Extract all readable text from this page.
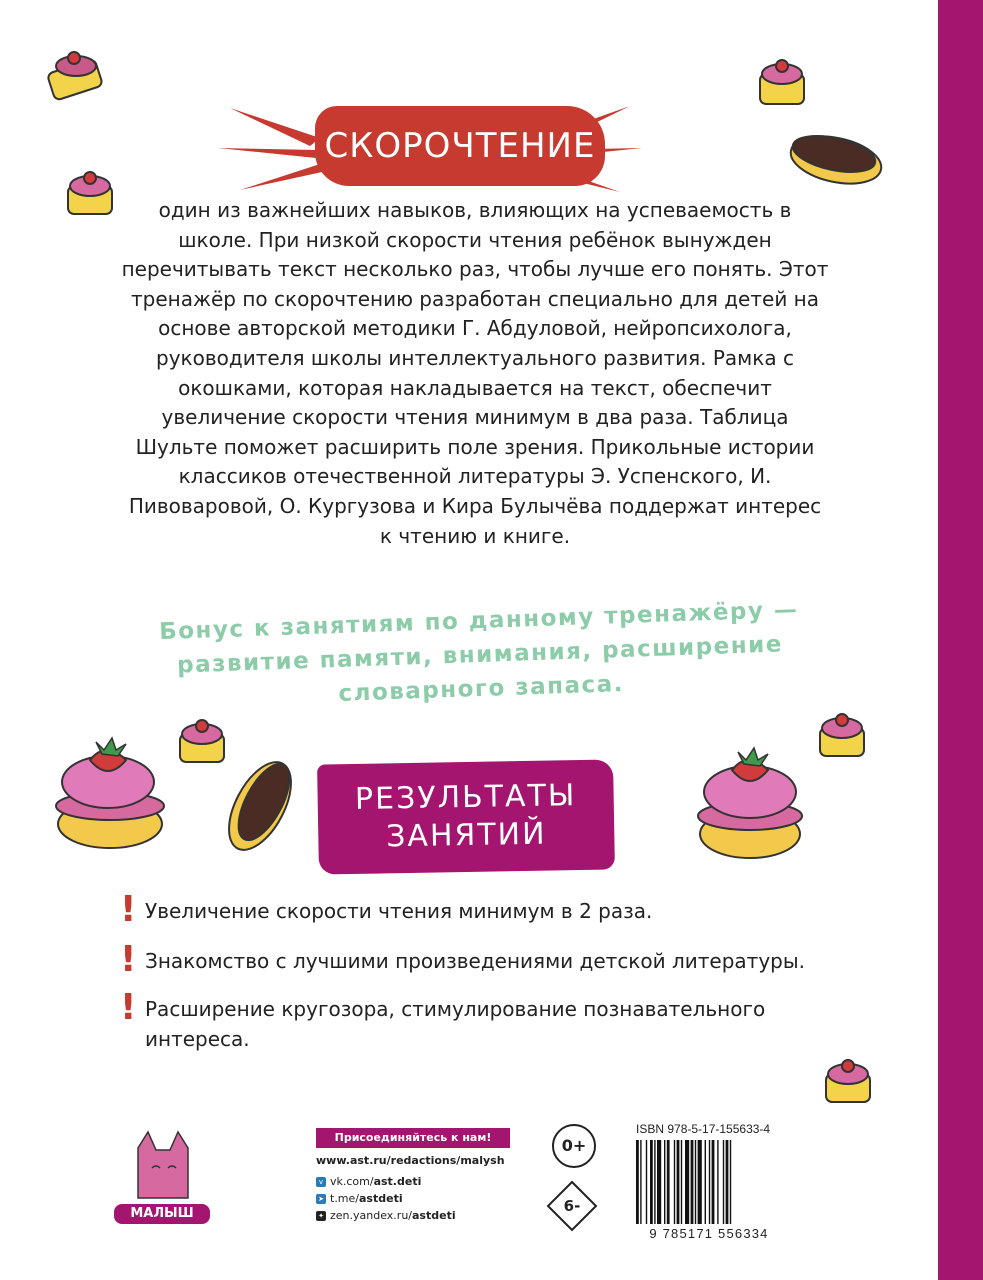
СКОРОЧТЕНИЕ

один из важнейших навыков, влияющих на успеваемость в школе. При низкой скорости чтения ребёнок вынужден перечитывать текст несколько раз, чтобы лучше его понять. Этот тренажёр по скорочтению разработан специально для детей на основе авторской методики Г. Абдуловой, нейропсихолога, руководителя школы интеллектуального развития. Рамка с окошками, которая накладывается на текст, обеспечит увеличение скорости чтения минимум в два раза. Таблица Шульте поможет расширить поле зрения. Прикольные истории классиков отечественной литературы Э. Успенского, И. Пивоваровой, О. Кургузова и Кира Булычёва поддержат интерес к чтению и книге.

Бонус к занятиям по данному тренажёру — развитие памяти, внимания, расширение словарного запаса.

РЕЗУЛЬТАТЫ ЗАНЯТИЙ
! Увеличение скорости чтения минимум в 2 раза.
! Знакомство с лучшими произведениями детской литературы.
! Расширение кругозора, стимулирование познавательного интереса.
МАЛЫШ
Присоединяйтесь к нам!
www.ast.ru/redactions/malysh
v vk.com/ ast.deti
➤ t.me/ astdeti
✦ zen.yandex.ru/ astdeti
0+
6-
ISBN 978-5-17-155633-4
9 785171 556334
